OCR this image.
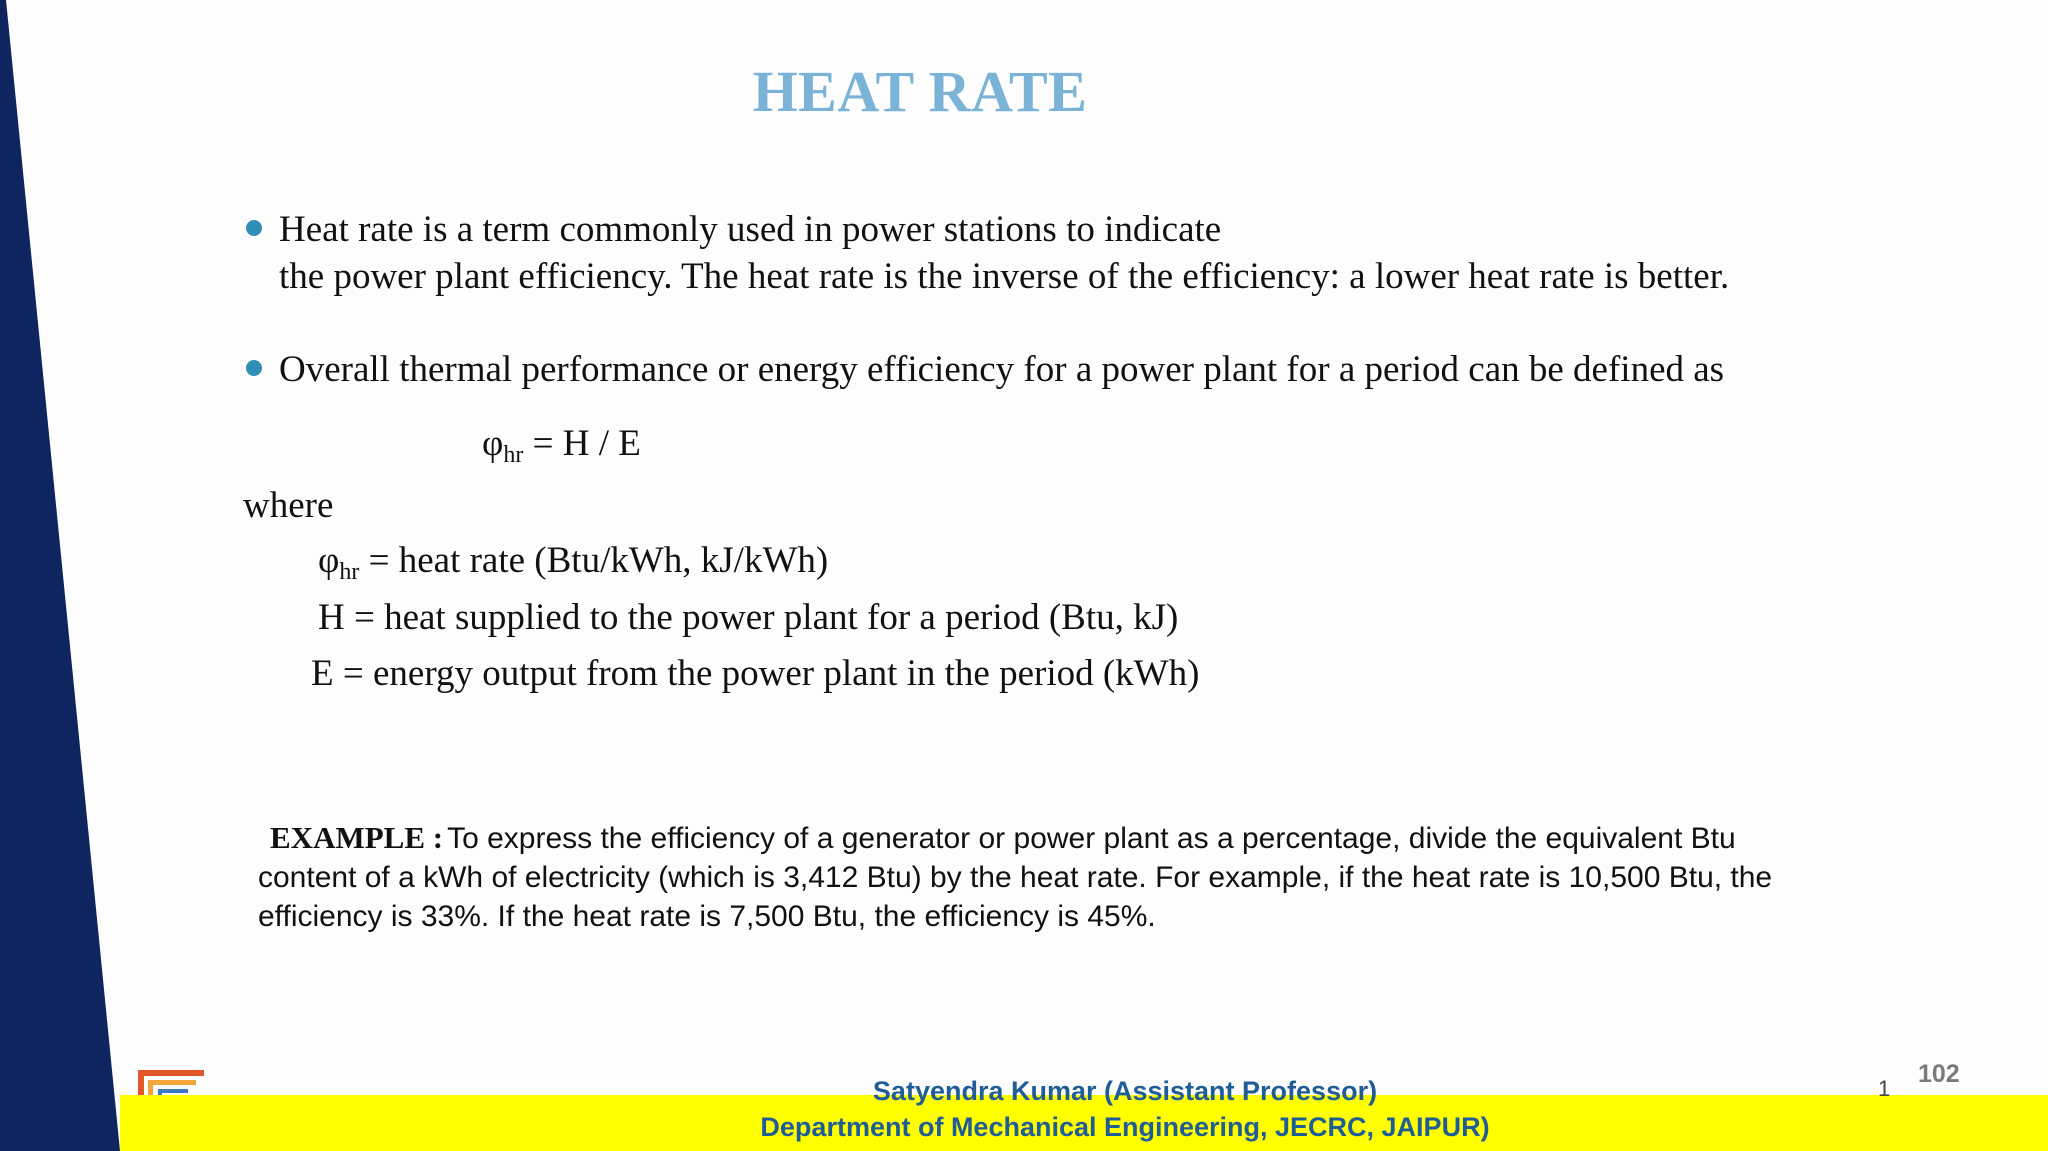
HEAT RATE
Heat rate is a term commonly used in power stations to indicate
the power plant efficiency. The heat rate is the inverse of the efficiency: a lower heat rate is better.
Overall thermal performance or energy efficiency for a power plant for a period can be defined as
$\varphi_{hr} = H / E$
where
$\varphi_{hr}$ = heat rate (Btu/kWh, kJ/kWh)
H = heat supplied to the power plant for a period (Btu, kJ)
E = energy output from the power plant in the period (kWh)
EXAMPLE : To express the efficiency of a generator or power plant as a percentage, divide the equivalent Btu content of a kWh of electricity (which is 3,412 Btu) by the heat rate. For example, if the heat rate is 10,500 Btu, the efficiency is 33%. If the heat rate is 7,500 Btu, the efficiency is 45%.
Satyendra Kumar (Assistant Professor)
Department of Mechanical Engineering, JECRC, JAIPUR)
1
102
